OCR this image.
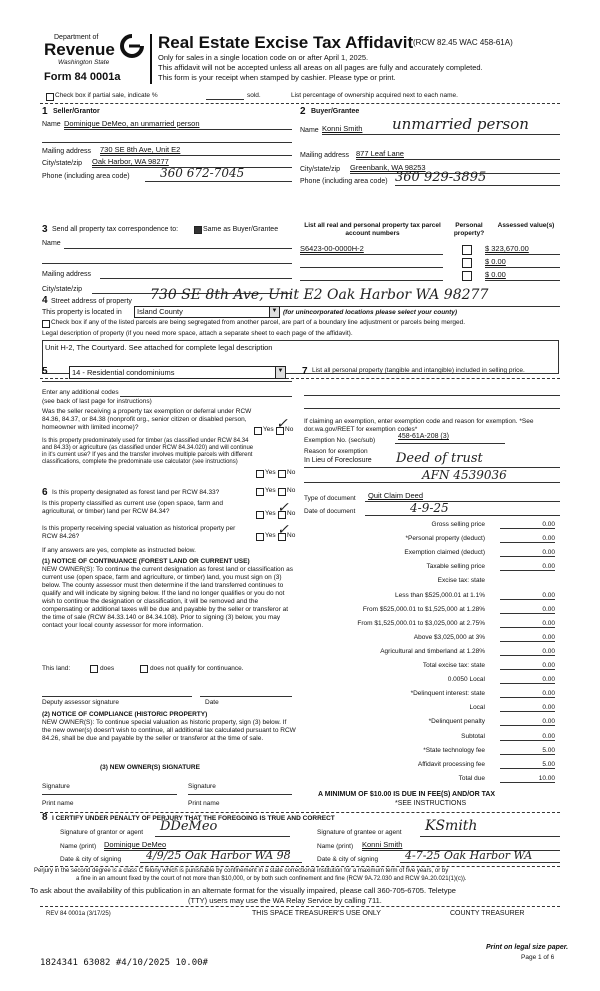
Department of
Revenue
Washington State
Form 84 0001a
Real Estate Excise Tax Affidavit (RCW 82.45 WAC 458-61A)
Only for sales in a single location code on or after April 1, 2025.
This affidavit will not be accepted unless all areas on all pages are fully and accurately completed.
This form is your receipt when stamped by cashier. Please type or print.
Check box if partial sale, indicate %	sold.	List percentage of ownership acquired next to each name.
1 Seller/Grantor
Name Dominique DeMeo, an unmarried person
Mailing address 730 SE 8th Ave, Unit E2
City/state/zip Oak Harbor, WA 98277
Phone (including area code)	360 672-7045
2 Buyer/Grantee
Name Konni Smith unmarried person
Mailing address 877 Leaf Lane
City/state/zip Greenbank, WA 98253
Phone (including area code) 360 929-3895
3 Send all property tax correspondence to:	Same as Buyer/Grantee
Name
Mailing address
City/state/zip
List all real and personal property tax parcel account numbers
Personal property?
Assessed value(s)
S6423-00-0000H-2	$ 323,670.00
$ 0.00
$ 0.00
4 Street address of property 730 SE 8th Ave, Unit E2 Oak Harbor WA 98277
This property is located in	Island County	▼ (for unincorporated locations please select your county)
Check box if any of the listed parcels are being segregated from another parcel, are part of a boundary line adjustment or parcels being merged.
Legal description of property (if you need more space, attach a separate sheet to each page of the affidavit).
Unit H-2, The Courtyard. See attached for complete legal description
5	14 - Residential condominiums	▼
Enter any additional codes
(see back of last page for instructions)
Was the seller receiving a property tax exemption or deferral under RCW 84.36, 84.37, or 84.38 (nonprofit org., senior citizen or disabled person, homeowner with limited income)?	Yes ✓
No
Is this property predominately used for timber (as classified under RCW 84.34 and 84.33) or agriculture (as classified under RCW 84.34.020) and will continue in it's current use? If yes and the transfer involves multiple parcels with different classifications, complete the predominate use calculator (see instructions)
Yes No
6 Is this property designated as forest land per RCW 84.33?	Yes No
Is this property classified as current use (open space, farm and agricultural, or timber) land per RCW 84.34?	Yes ✓
No
Is this property receiving special valuation as historical property per RCW 84.26?	Yes ✓
No
If any answers are yes, complete as instructed below.
(1) NOTICE OF CONTINUANCE (FOREST LAND OR CURRENT USE)
NEW OWNER(S): To continue the current designation as forest land or classification as current use (open space, farm and agriculture, or timber) land, you must sign on (3) below. The county assessor must then determine if the land transferred continues to qualify and will indicate by signing below. If the land no longer qualifies or you do not wish to continue the designation or classification, it will be removed and the compensating or additional taxes will be due and payable by the seller or transferor at the time of sale (RCW 84.33.140 or 84.34.108). Prior to signing (3) below, you may contact your local county assessor for more information.
This land:	does	does not qualify for continuance.
Deputy assessor signature	Date
(2) NOTICE OF COMPLIANCE (HISTORIC PROPERTY)
NEW OWNER(S): To continue special valuation as historic property, sign (3) below. If the new owner(s) doesn't wish to continue, all additional tax calculated pursuant to RCW 84.26, shall be due and payable by the seller or transferor at the time of sale.
(3) NEW OWNER(S) SIGNATURE
Signature	Signature
Print name	Print name
7 List all personal property (tangible and intangible) included in selling price.
If claiming an exemption, enter exemption code and reason for exemption. *See dor.wa.gov/REET for exemption codes*
Exemption No. (sec/sub)
458-61A-208 (3)
Reason for exemption
In Lieu of Foreclosure Deed of trust
AFN 4539036
Type of document Quit Claim Deed
Date of document	4-9-25
Gross selling price	0.00
*Personal property (deduct)	0.00
Exemption claimed (deduct)	0.00
Taxable selling price	0.00
Excise tax: state
Less than $525,000.01 at 1.1%	0.00
From $525,000.01 to $1,525,000 at 1.28%	0.00
From $1,525,000.01 to $3,025,000 at 2.75%	0.00
Above $3,025,000 at 3%	0.00
Agricultural and timberland at 1.28%	0.00
Total excise tax: state	0.00
0.0050 Local	0.00
*Delinquent interest: state	0.00
Local	0.00
*Delinquent penalty	0.00
Subtotal	0.00
*State technology fee	5.00
Affidavit processing fee	5.00
Total due	10.00
A MINIMUM OF $10.00 IS DUE IN FEE(S) AND/OR TAX
*SEE INSTRUCTIONS
8 I CERTIFY UNDER PENALTY OF PERJURY THAT THE FOREGOING IS TRUE AND CORRECT
Signature of grantor or agent DDeMeo
Name (print) Dominique DeMeo
Date & city of signing 4/9/25 Oak Harbor WA 98
Signature of grantee or agent KSmith
Name (print) Konni Smith
Date & city of signing 4-7-25 Oak Harbor WA
Perjury in the second degree is a class C felony which is punishable by confinement in a state correctional institution for a maximum term of five years, or by
a fine in an amount fixed by the court of not more than $10,000, or by both such confinement and fine (RCW 9A.72.030 and RCW 9A.20.021(1)(c)).
To ask about the availability of this publication in an alternate format for the visually impaired, please call 360-705-6705. Teletype
(TTY) users may use the WA Relay Service by calling 711.
REV 84 0001a (3/17/25)	THIS SPACE TREASURER'S USE ONLY	COUNTY TREASURER
Print on legal size paper.
Page 1 of 6
1824341 63082 #4/10/2025 10.00#
